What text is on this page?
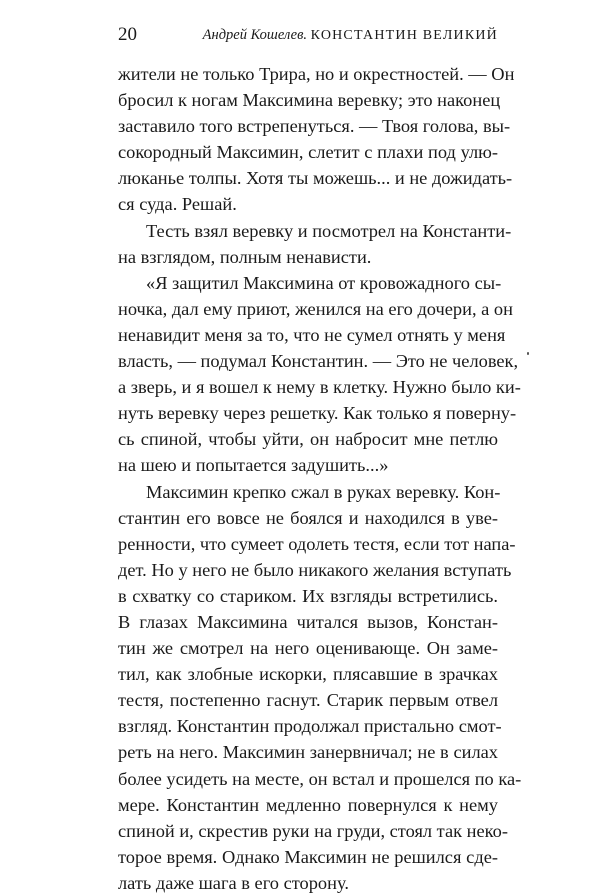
20	Андрей Кошелев. КОНСТАНТИН ВЕЛИКИЙ
жители не только Трира, но и окрестностей. — Он
бросил к ногам Максимина веревку; это наконец
заставило того встрепенуться. — Твоя голова, вы-
сокородный Максимин, слетит с плахи под улю-
люканье толпы. Хотя ты можешь... и не дожидать-
ся суда. Решай.
Тесть взял веревку и посмотрел на Константи-
на взглядом, полным ненависти.
«Я защитил Максимина от кровожадного сы-
ночка, дал ему приют, женился на его дочери, а он
ненавидит меня за то, что не сумел отнять у меня
власть, — подумал Константин. — Это не человек,
а зверь, и я вошел к нему в клетку. Нужно было ки-
нуть веревку через решетку. Как только я поверну-
сь спиной, чтобы уйти, он набросит мне петлю
на шею и попытается задушить...»
Максимин крепко сжал в руках веревку. Кон-
стантин его вовсе не боялся и находился в уве-
ренности, что сумеет одолеть тестя, если тот напа-
дет. Но у него не было никакого желания вступать
в схватку со стариком. Их взгляды встретились.
В глазах Максимина читался вызов, Констан-
тин же смотрел на него оценивающе. Он заме-
тил, как злобные искорки, плясавшие в зрачках
тестя, постепенно гаснут. Старик первым отвел
взгляд. Константин продолжал пристально смот-
реть на него. Максимин занервничал; не в силах
более усидеть на месте, он встал и прошелся по ка-
мере. Константин медленно повернулся к нему
спиной и, скрестив руки на груди, стоял так неко-
торое время. Однако Максимин не решился сде-
лать даже шага в его сторону.
